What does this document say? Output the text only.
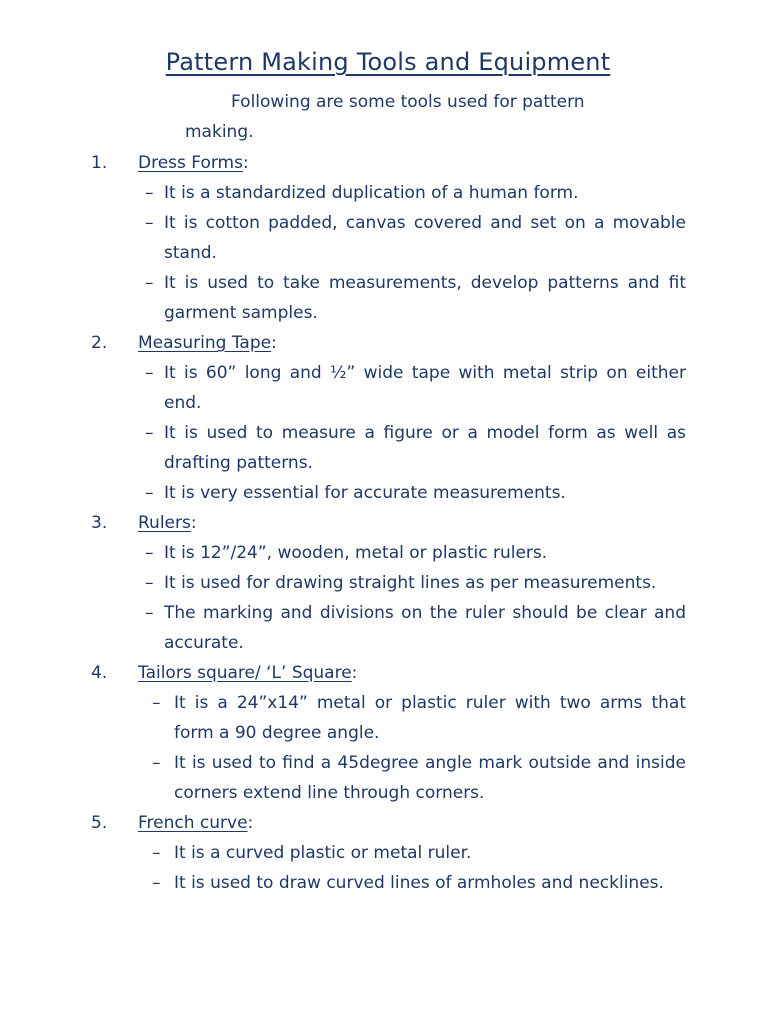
Pattern Making Tools and Equipment
Following are some tools used for pattern making.
1. Dress Forms:
– It is a standardized duplication of a human form.
– It is cotton padded, canvas covered and set on a movable stand.
– It is used to take measurements, develop patterns and fit garment samples.
2. Measuring Tape:
– It is 60” long and ½” wide tape with metal strip on either end.
– It is used to measure a figure or a model form as well as drafting patterns.
– It is very essential for accurate measurements.
3. Rulers:
– It is 12”/24”, wooden, metal or plastic rulers.
– It is used for drawing straight lines as per measurements.
– The marking and divisions on the ruler should be clear and accurate.
4. Tailors square/ ‘L’ Square:
– It is a 24”x14” metal or plastic ruler with two arms that form a 90 degree angle.
– It is used to find a 45degree angle mark outside and inside corners extend line through corners.
5. French curve:
– It is a curved plastic or metal ruler.
– It is used to draw curved lines of armholes and necklines.
